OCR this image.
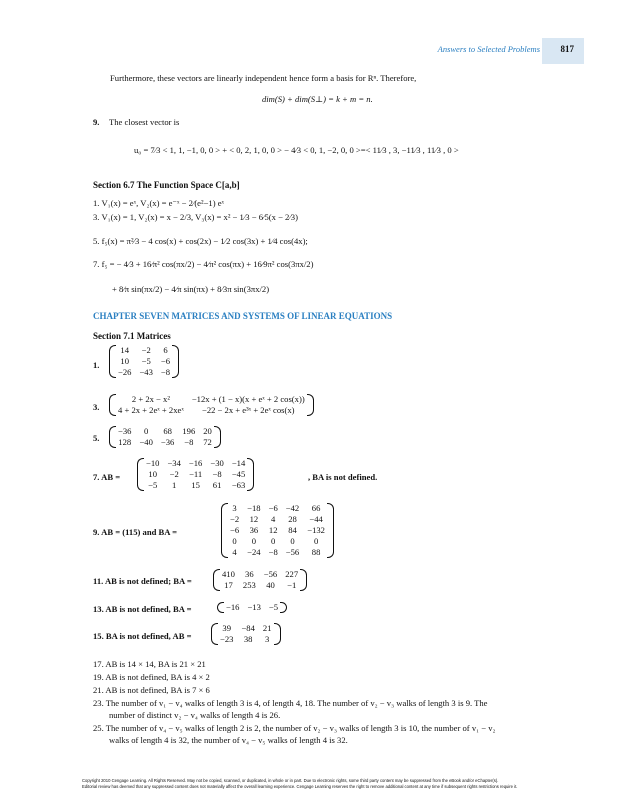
Answers to Selected Problems 817
Furthermore, these vectors are linearly independent hence form a basis for Rⁿ. Therefore,
dim(S) + dim(S⊥) = k + m = n.
9. The closest vector is
u₀ = 7⁄3 < 1, 1, −1, 0, 0 > + < 0, 2, 1, 0, 0 > − 4⁄3 < 0, 1, −2, 0, 0 >=< 11⁄3 , 3, −11⁄3 , 11⁄3 , 0 >
Section 6.7 The Function Space C[a,b]
1. V₁(x) = eˣ, V₂(x) = e⁻ˣ − 2⁄(e²−1) eˣ
3. V₁(x) = 1, V₂(x) = x − 2/3, V₃(x) = x² − 1⁄3 − 6⁄5(x − 2⁄3)
5. f₅(x) = π²⁄3 − 4 cos(x) + cos(2x) − 1⁄2 cos(3x) + 1⁄4 cos(4x);
7. f₅ = − 4⁄3 + 16⁄π² cos(πx/2) − 4⁄π² cos(πx) + 16⁄9π² cos(3πx/2)
+ 8⁄π sin(πx/2) − 4⁄π sin(πx) + 8⁄3π sin(3πx/2)
CHAPTER SEVEN MATRICES AND SYSTEMS OF LINEAR EQUATIONS
Section 7.1 Matrices
1.
14	−2	6
10	−5	−6
−26	−43	−8
3.
2 + 2x − x²	−12x + (1 − x)(x + eˣ + 2 cos(x))
4 + 2x + 2eˣ + 2xeˣ	−22 − 2x + e³ˣ + 2eˣ cos(x)
5.
−36	0	68	196	20
128	−40	−36	−8	72
7. AB =
−10	−34	−16	−30	−14
10	−2	−11	−8	−45
−5	1	15	61	−63
, BA is not defined.
9. AB = (115) and BA =
3	−18	−6	−42	66
−2	12	4	28	−44
−6	36	12	84	−132
0	0	0	0	0
4	−24	−8	−56	88
11. AB is not defined; BA =
410	36	−56	227
17	253	40	−1
13. AB is not defined, BA =	−16	−13	−5
15. BA is not defined, AB =
39	−84	21
−23	38	3
17. AB is 14 × 14, BA is 21 × 21
19. AB is not defined, BA is 4 × 2
21. AB is not defined, BA is 7 × 6
23. The number of v₁ − v₄ walks of length 3 is 4, of length 4, 18. The number of v₂ − v₃ walks of length 3 is 9. The
number of distinct v₂ − v₄ walks of length 4 is 26.
25. The number of v₄ − v₅ walks of length 2 is 2, the number of v₂ − v₃ walks of length 3 is 10, the number of v₁ − v₂
walks of length 4 is 32, the number of v₄ − v₅ walks of length 4 is 32.
Copyright 2010 Cengage Learning. All Rights Reserved. May not be copied, scanned, or duplicated, in whole or in part. Due to electronic rights, some third party content may be suppressed from the eBook and/or eChapter(s).
Editorial review has deemed that any suppressed content does not materially affect the overall learning experience. Cengage Learning reserves the right to remove additional content at any time if subsequent rights restrictions require it.
